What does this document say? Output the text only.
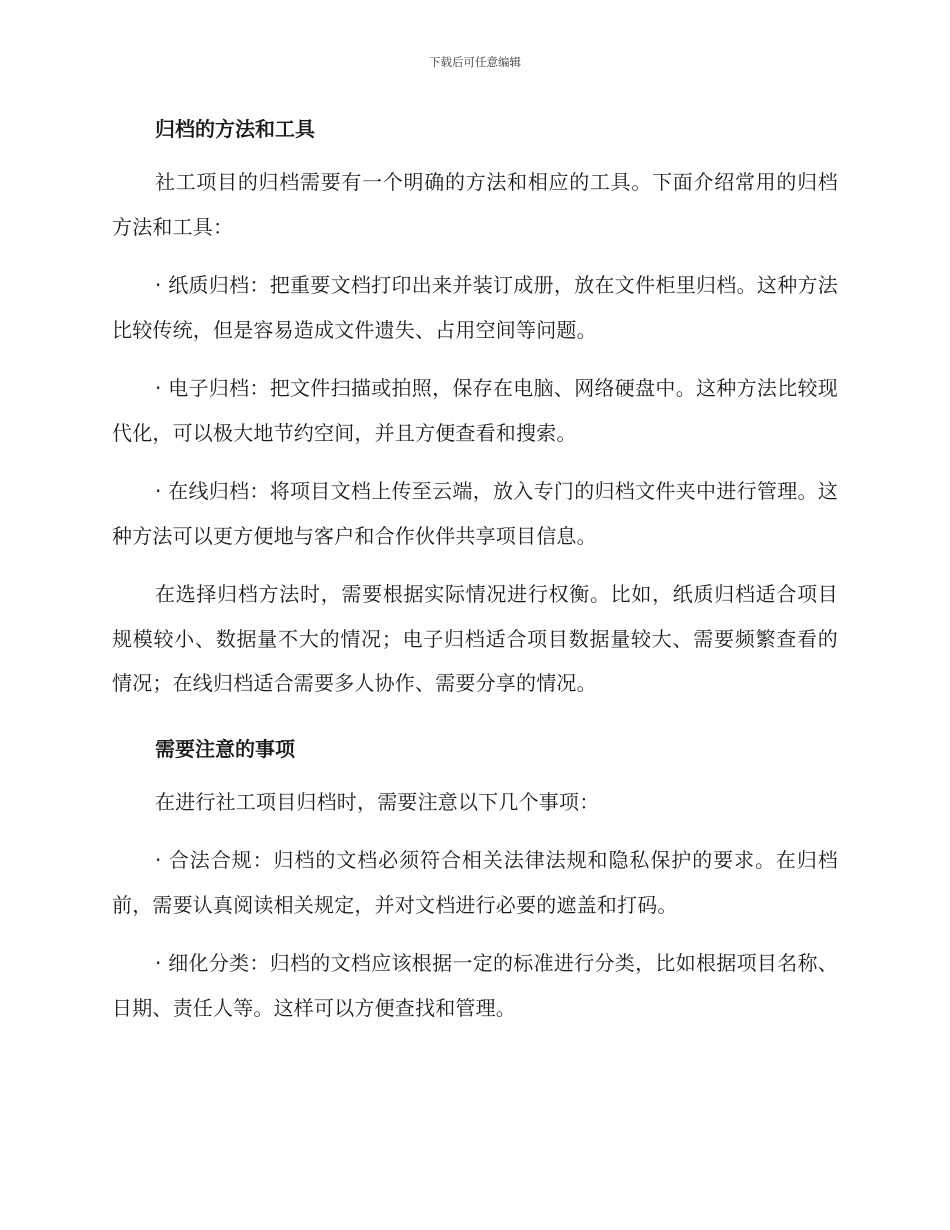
下载后可任意编辑
归档的方法和工具

社工项目的归档需要有一个明确的方法和相应的工具。下面介绍常用的归档方法和工具：

· 纸质归档：把重要文档打印出来并装订成册，放在文件柜里归档。这种方法比较传统，但是容易造成文件遗失、占用空间等问题。

· 电子归档：把文件扫描或拍照，保存在电脑、网络硬盘中。这种方法比较现代化，可以极大地节约空间，并且方便查看和搜索。

· 在线归档：将项目文档上传至云端，放入专门的归档文件夹中进行管理。这种方法可以更方便地与客户和合作伙伴共享项目信息。

在选择归档方法时，需要根据实际情况进行权衡。比如，纸质归档适合项目规模较小、数据量不大的情况；电子归档适合项目数据量较大、需要频繁查看的情况；在线归档适合需要多人协作、需要分享的情况。

需要注意的事项

在进行社工项目归档时，需要注意以下几个事项：

· 合法合规：归档的文档必须符合相关法律法规和隐私保护的要求。在归档前，需要认真阅读相关规定，并对文档进行必要的遮盖和打码。

· 细化分类：归档的文档应该根据一定的标准进行分类，比如根据项目名称、日期、责任人等。这样可以方便查找和管理。
